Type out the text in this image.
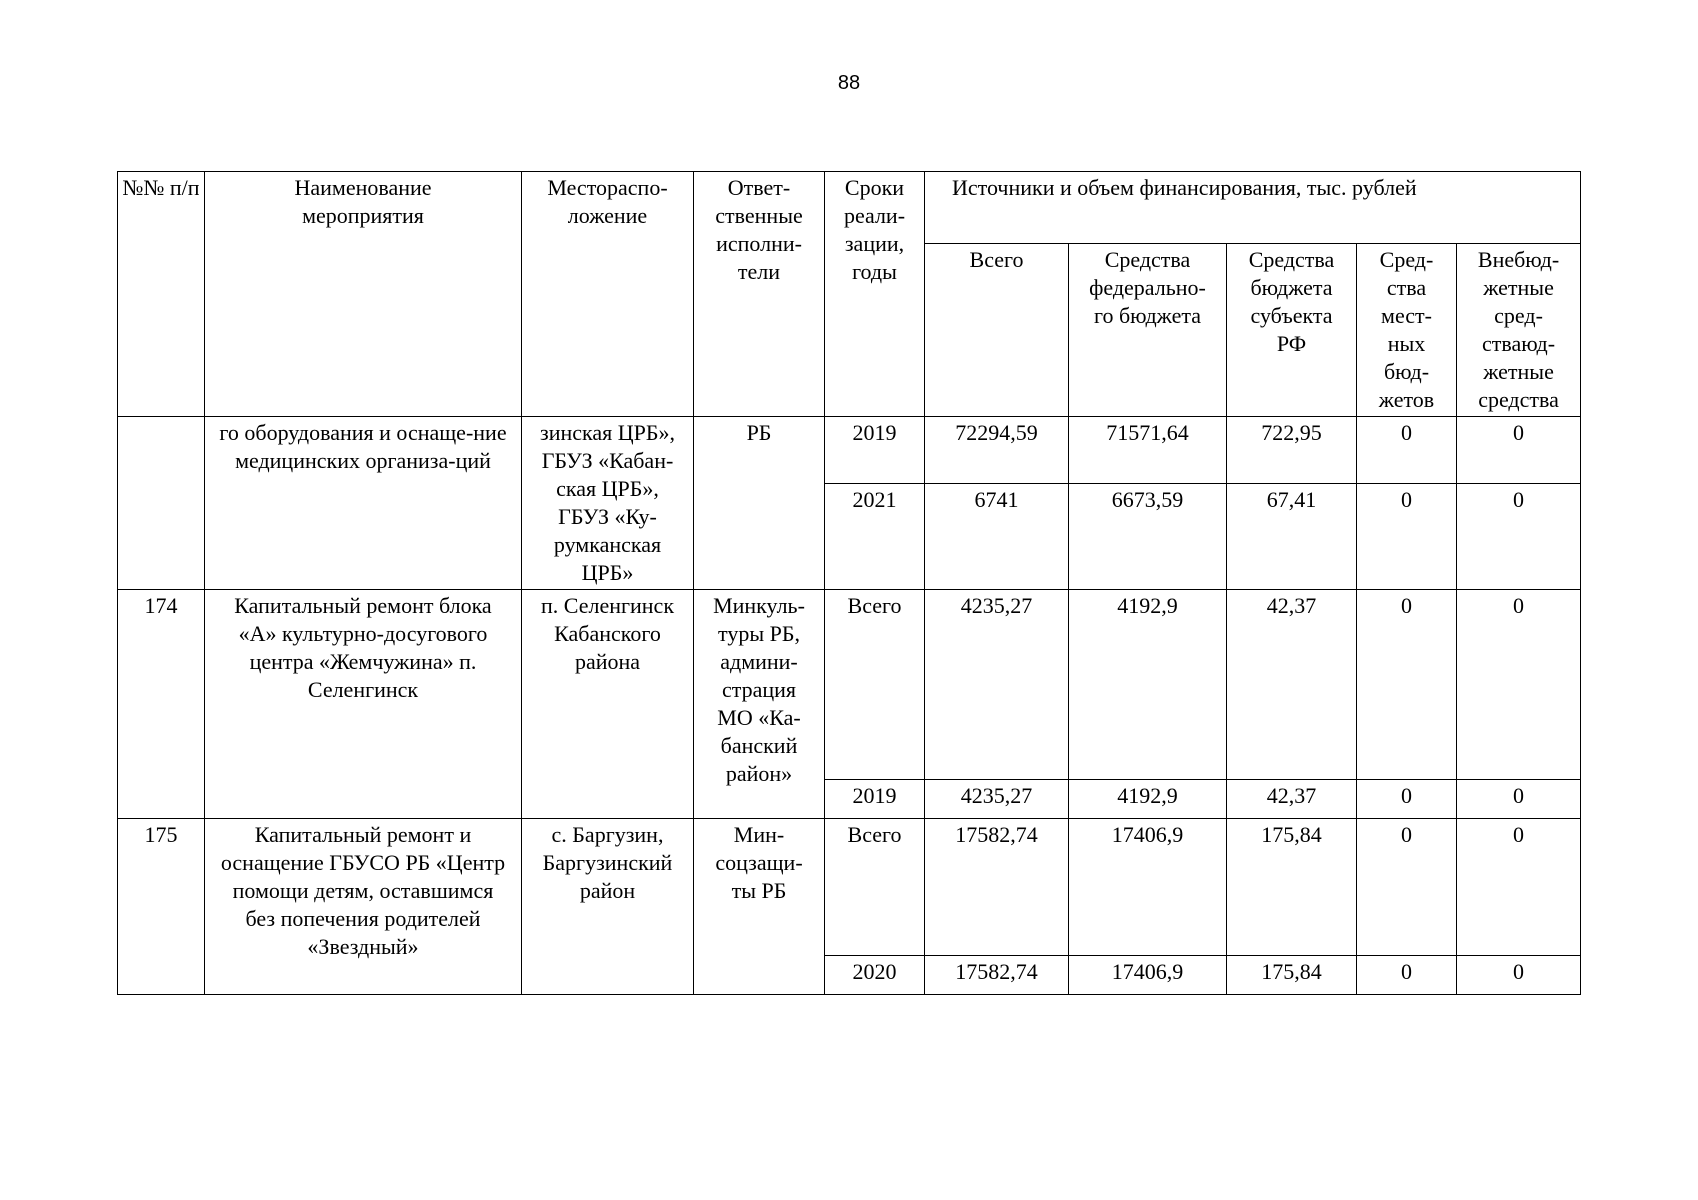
88
№№ п/п	Наименование мероприятия	Местораспо-ложение	Ответ-ственные исполни-тели	Сроки реали-зации, годы	Источники и объем финансирования, тыс. рублей				
					Всего	Средства федерально-го бюджета	Средства бюджета субъекта РФ	Сред-ства мест-ных бюд-жетов	Внебюд-жетные сред-стваюд-жетные средства
	го оборудования и оснаще-ние медицинских организа-ций	зинская ЦРБ», ГБУЗ «Кабан-ская ЦРБ», ГБУЗ «Ку-румканская ЦРБ»	РБ	2019	72294,59	71571,64	722,95	0	0
				2021	6741	6673,59	67,41	0	0
174	Капитальный ремонт блока «А» культурно-досугового центра «Жемчужина» п. Селенгинск	п. Селенгинск Кабанского района	Минкуль-туры РБ, админи-страция МО «Ка-банский район»	Всего	4235,27	4192,9	42,37	0	0
				2019	4235,27	4192,9	42,37	0	0
175	Капитальный ремонт и оснащение ГБУСО РБ «Центр помощи детям, оставшимся без попечения родителей «Звездный»	с. Баргузин, Баргузинский район	Мин-соцзащи-ты РБ	Всего	17582,74	17406,9	175,84	0	0
				2020	17582,74	17406,9	175,84	0	0
